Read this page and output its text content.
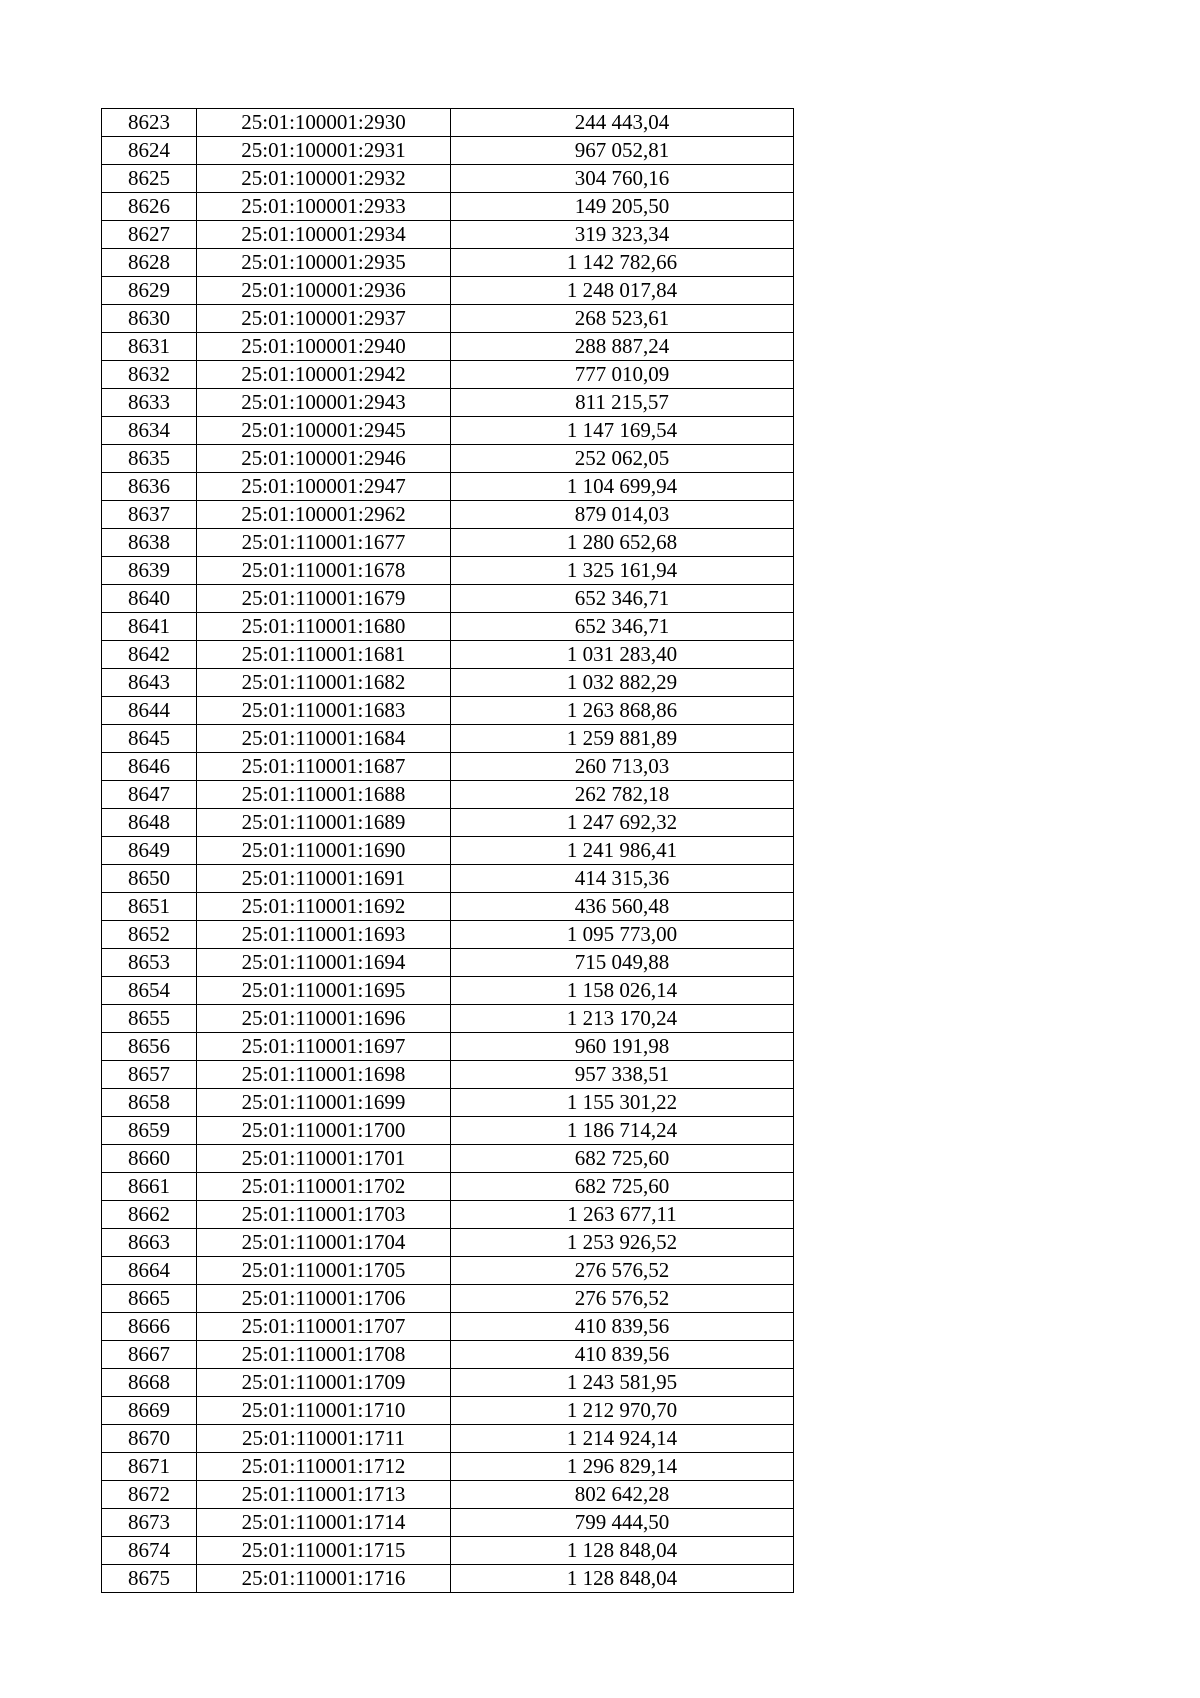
8623	25:01:100001:2930	244 443,04
8624	25:01:100001:2931	967 052,81
8625	25:01:100001:2932	304 760,16
8626	25:01:100001:2933	149 205,50
8627	25:01:100001:2934	319 323,34
8628	25:01:100001:2935	1 142 782,66
8629	25:01:100001:2936	1 248 017,84
8630	25:01:100001:2937	268 523,61
8631	25:01:100001:2940	288 887,24
8632	25:01:100001:2942	777 010,09
8633	25:01:100001:2943	811 215,57
8634	25:01:100001:2945	1 147 169,54
8635	25:01:100001:2946	252 062,05
8636	25:01:100001:2947	1 104 699,94
8637	25:01:100001:2962	879 014,03
8638	25:01:110001:1677	1 280 652,68
8639	25:01:110001:1678	1 325 161,94
8640	25:01:110001:1679	652 346,71
8641	25:01:110001:1680	652 346,71
8642	25:01:110001:1681	1 031 283,40
8643	25:01:110001:1682	1 032 882,29
8644	25:01:110001:1683	1 263 868,86
8645	25:01:110001:1684	1 259 881,89
8646	25:01:110001:1687	260 713,03
8647	25:01:110001:1688	262 782,18
8648	25:01:110001:1689	1 247 692,32
8649	25:01:110001:1690	1 241 986,41
8650	25:01:110001:1691	414 315,36
8651	25:01:110001:1692	436 560,48
8652	25:01:110001:1693	1 095 773,00
8653	25:01:110001:1694	715 049,88
8654	25:01:110001:1695	1 158 026,14
8655	25:01:110001:1696	1 213 170,24
8656	25:01:110001:1697	960 191,98
8657	25:01:110001:1698	957 338,51
8658	25:01:110001:1699	1 155 301,22
8659	25:01:110001:1700	1 186 714,24
8660	25:01:110001:1701	682 725,60
8661	25:01:110001:1702	682 725,60
8662	25:01:110001:1703	1 263 677,11
8663	25:01:110001:1704	1 253 926,52
8664	25:01:110001:1705	276 576,52
8665	25:01:110001:1706	276 576,52
8666	25:01:110001:1707	410 839,56
8667	25:01:110001:1708	410 839,56
8668	25:01:110001:1709	1 243 581,95
8669	25:01:110001:1710	1 212 970,70
8670	25:01:110001:1711	1 214 924,14
8671	25:01:110001:1712	1 296 829,14
8672	25:01:110001:1713	802 642,28
8673	25:01:110001:1714	799 444,50
8674	25:01:110001:1715	1 128 848,04
8675	25:01:110001:1716	1 128 848,04
